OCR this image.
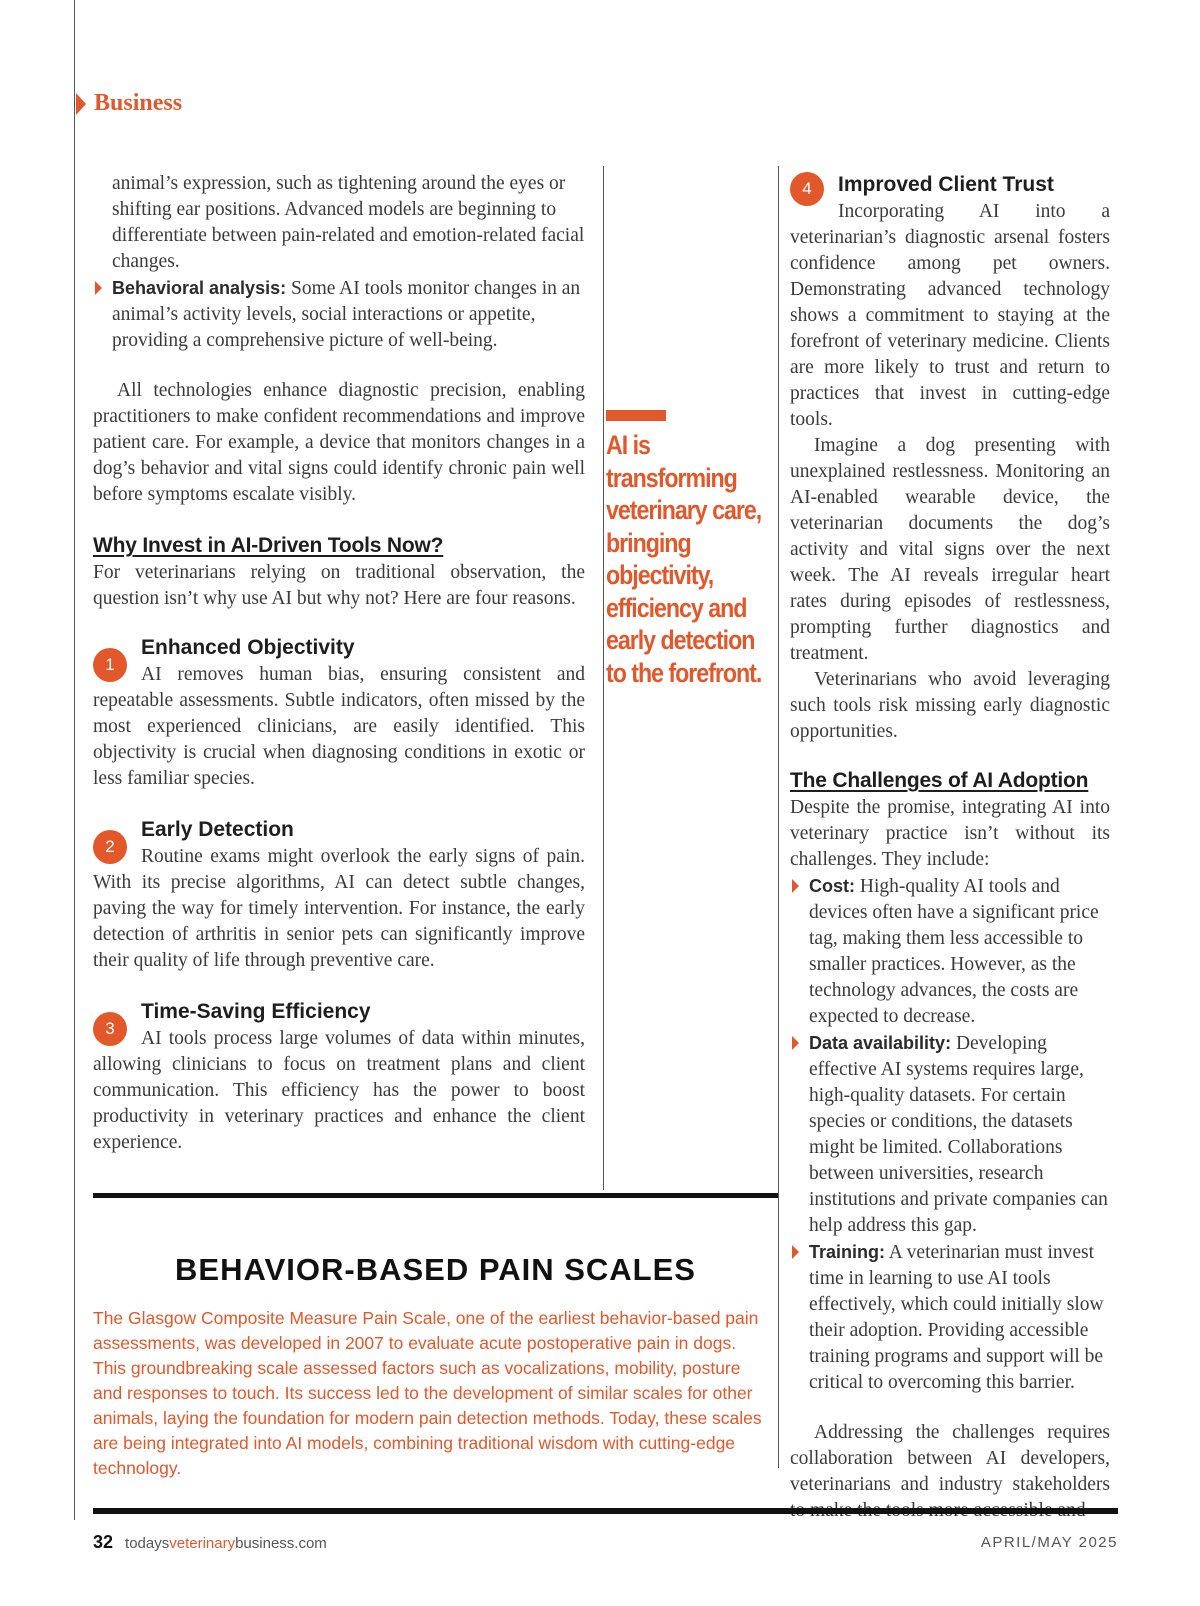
Business

animal’s expression, such as tightening around the eyes or shifting ear positions. Advanced models are beginning to differentiate between pain-related and emotion-related facial changes.

Behavioral analysis: Some AI tools monitor changes in an animal’s activity levels, social interactions or appetite, providing a comprehensive picture of well-being.

All technologies enhance diagnostic precision, enabling practitioners to make confident recommendations and improve patient care. For example, a device that monitors changes in a dog’s behavior and vital signs could identify chronic pain well before symptoms escalate visibly.

Why Invest in AI-Driven Tools Now?

For veterinarians relying on traditional observation, the question isn’t why use AI but why not? Here are four reasons.

1
Enhanced Objectivity

AI removes human bias, ensuring consistent and repeatable assessments. Subtle indicators, often missed by the most experienced clinicians, are easily identified. This objectivity is crucial when diagnosing conditions in exotic or less familiar species.

2
Early Detection

Routine exams might overlook the early signs of pain. With its precise algorithms, AI can detect subtle changes, paving the way for timely intervention. For instance, the early detection of arthritis in senior pets can significantly improve their quality of life through preventive care.

3
Time-Saving Efficiency

AI tools process large volumes of data within minutes, allowing clinicians to focus on treatment plans and client communication. This efficiency has the power to boost productivity in veterinary practices and enhance the client experience.

AI is transforming veterinary care, bringing objectivity, efficiency and early detection to the forefront.
4	Improved Client Trust

Incorporating AI into a veterinarian’s diagnostic arsenal fosters confidence among pet owners. Demonstrating advanced technology shows a commitment to staying at the forefront of veterinary medicine. Clients are more likely to trust and return to practices that invest in cutting-edge tools.

Imagine a dog presenting with unexplained restlessness. Monitoring an AI-enabled wearable device, the veterinarian documents the dog’s activity and vital signs over the next week. The AI reveals irregular heart rates during episodes of restlessness, prompting further diagnostics and treatment.

Veterinarians who avoid leveraging such tools risk missing early diagnostic opportunities.

The Challenges of AI Adoption

Despite the promise, integrating AI into veterinary practice isn’t without its challenges. They include:

Cost: High-quality AI tools and devices often have a significant price tag, making them less accessible to smaller practices. However, as the technology advances, the costs are expected to decrease.
Data availability: Developing effective AI systems requires large, high-quality datasets. For certain species or conditions, the datasets might be limited. Collaborations between universities, research institutions and private companies can help address this gap.
Training: A veterinarian must invest time in learning to use AI tools effectively, which could initially slow their adoption. Providing accessible training programs and support will be critical to overcoming this barrier.

Addressing the challenges requires collaboration between AI developers, veterinarians and industry stakeholders

BEHAVIOR-BASED PAIN SCALES
The Glasgow Composite Measure Pain Scale, one of the earliest behavior-based pain assessments, was developed in 2007 to evaluate acute postoperative pain in dogs. This groundbreaking scale assessed factors such as vocalizations, mobility, posture and responses to touch. Its success led to the development of similar scales for other animals, laying the foundation for modern pain detection methods. Today, these scales are being integrated into AI models, combining traditional wisdom with cutting-edge technology.
32 todaysveterinarybusiness.com	APRIL/MAY 2025
